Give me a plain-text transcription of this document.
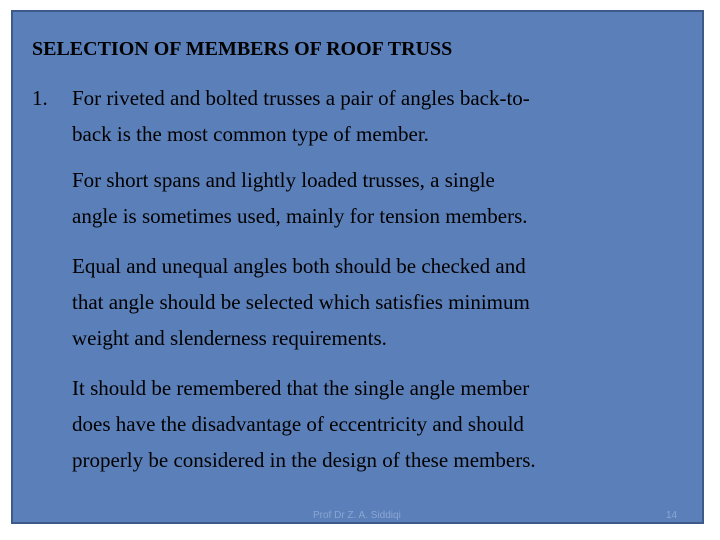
SELECTION OF MEMBERS OF ROOF TRUSS
1. For riveted and bolted trusses a pair of angles back-to-
back is the most common type of member.
For short spans and lightly loaded trusses, a single
angle is sometimes used, mainly for tension members.
Equal and unequal angles both should be checked and
that angle should be selected which satisfies minimum
weight and slenderness requirements.
It should be remembered that the single angle member
does have the disadvantage of eccentricity and should
properly be considered in the design of these members.
Prof Dr Z. A. Siddiqi	14
